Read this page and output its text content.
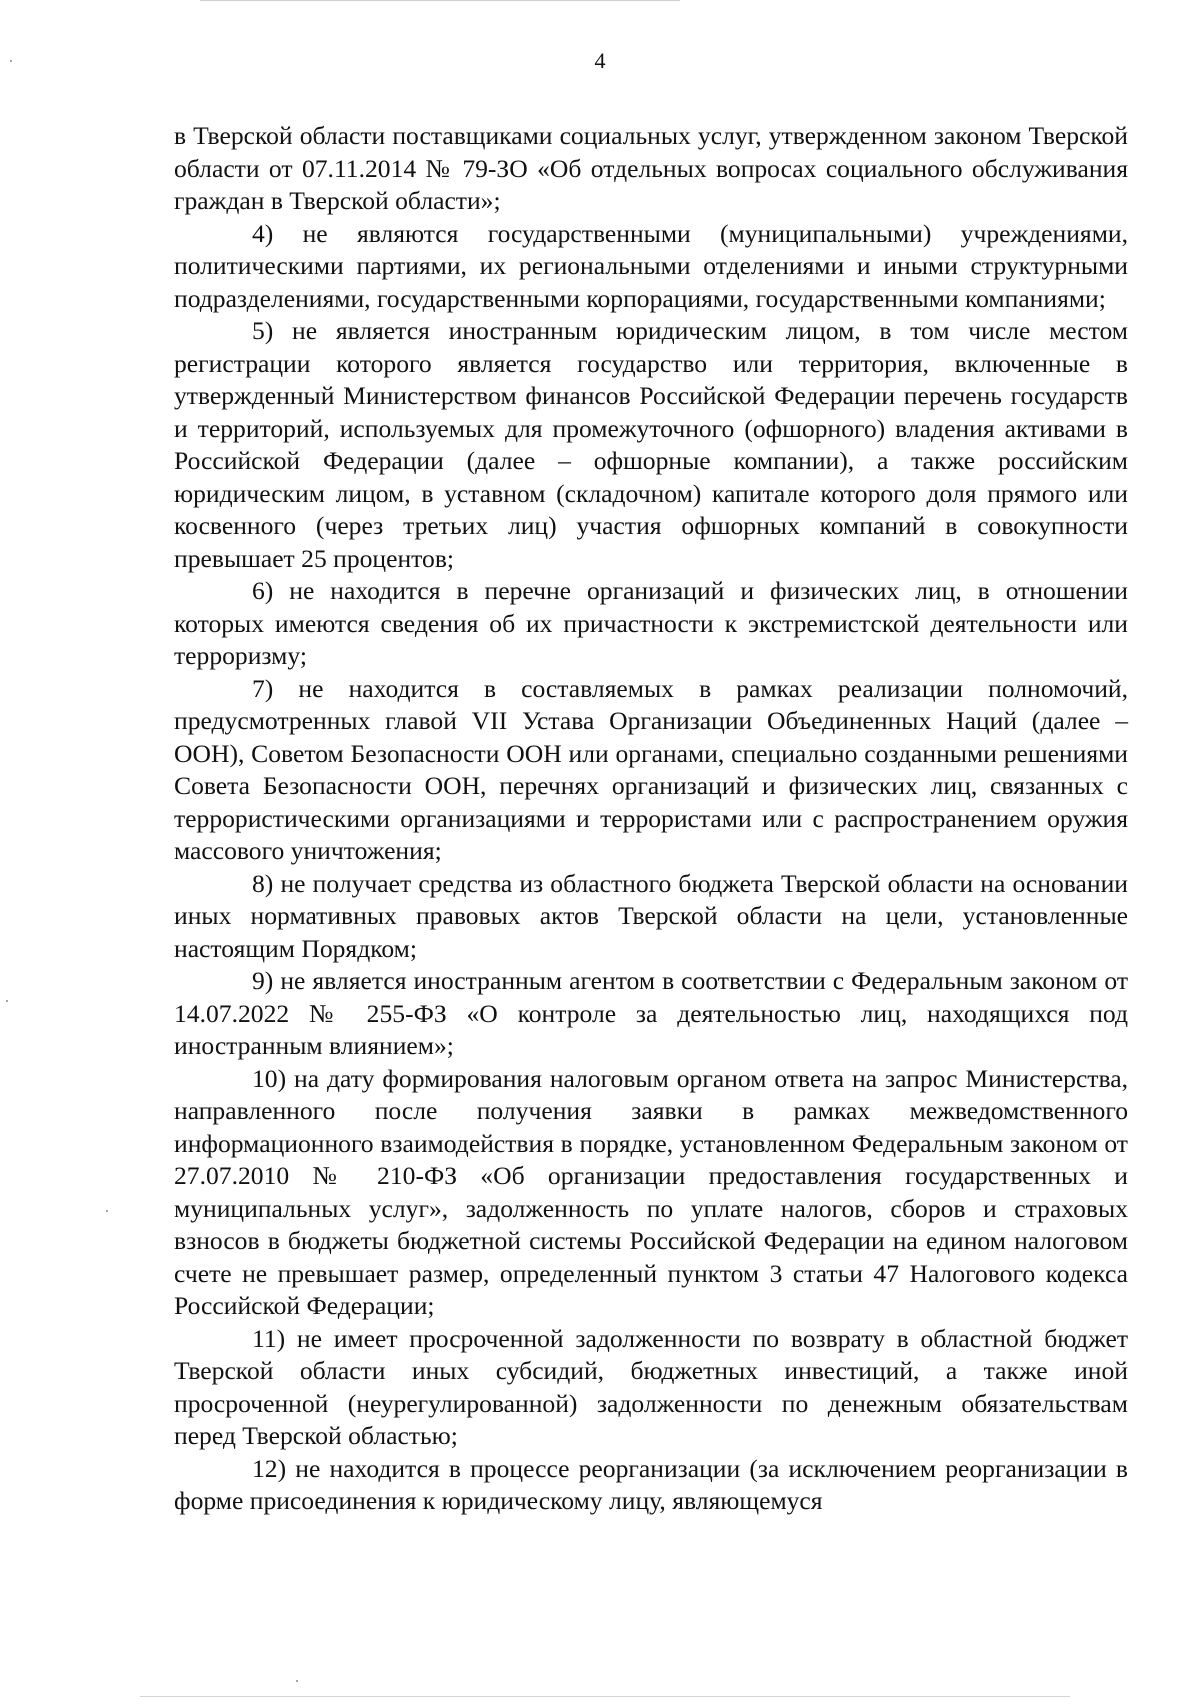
4

в Тверской области поставщиками социальных услуг, утвержденном законом Тверской области от 07.11.2014 № 79-ЗО «Об отдельных вопросах социального обслуживания граждан в Тверской области»;

4) не являются государственными (муниципальными) учреждениями, политическими партиями, их региональными отделениями и иными структурными подразделениями, государственными корпорациями, государственными компаниями;

5) не является иностранным юридическим лицом, в том числе местом регистрации которого является государство или территория, включенные в утвержденный Министерством финансов Российской Федерации перечень государств и территорий, используемых для промежуточного (офшорного) владения активами в Российской Федерации (далее – офшорные компании), а также российским юридическим лицом, в уставном (складочном) капитале которого доля прямого или косвенного (через третьих лиц) участия офшорных компаний в совокупности превышает 25 процентов;

6) не находится в перечне организаций и физических лиц, в отношении которых имеются сведения об их причастности к экстремистской деятельности или терроризму;

7) не находится в составляемых в рамках реализации полномочий, предусмотренных главой VII Устава Организации Объединенных Наций (далее – ООН), Советом Безопасности ООН или органами, специально созданными решениями Совета Безопасности ООН, перечнях организаций и физических лиц, связанных с террористическими организациями и террористами или с распространением оружия массового уничтожения;

8) не получает средства из областного бюджета Тверской области на основании иных нормативных правовых актов Тверской области на цели, установленные настоящим Порядком;

9) не является иностранным агентом в соответствии с Федеральным законом от 14.07.2022 № 255-ФЗ «О контроле за деятельностью лиц, находящихся под иностранным влиянием»;

10) на дату формирования налоговым органом ответа на запрос Министерства, направленного после получения заявки в рамках межведомственного информационного взаимодействия в порядке, установленном Федеральным законом от 27.07.2010 № 210-ФЗ «Об организации предоставления государственных и муниципальных услуг», задолженность по уплате налогов, сборов и страховых взносов в бюджеты бюджетной системы Российской Федерации на едином налоговом счете не превышает размер, определенный пунктом 3 статьи 47 Налогового кодекса Российской Федерации;

11) не имеет просроченной задолженности по возврату в областной бюджет Тверской области иных субсидий, бюджетных инвестиций, а также иной просроченной (неурегулированной) задолженности по денежным обязательствам перед Тверской областью;

12) не находится в процессе реорганизации (за исключением реорганизации в форме присоединения к юридическому лицу, являющемуся
